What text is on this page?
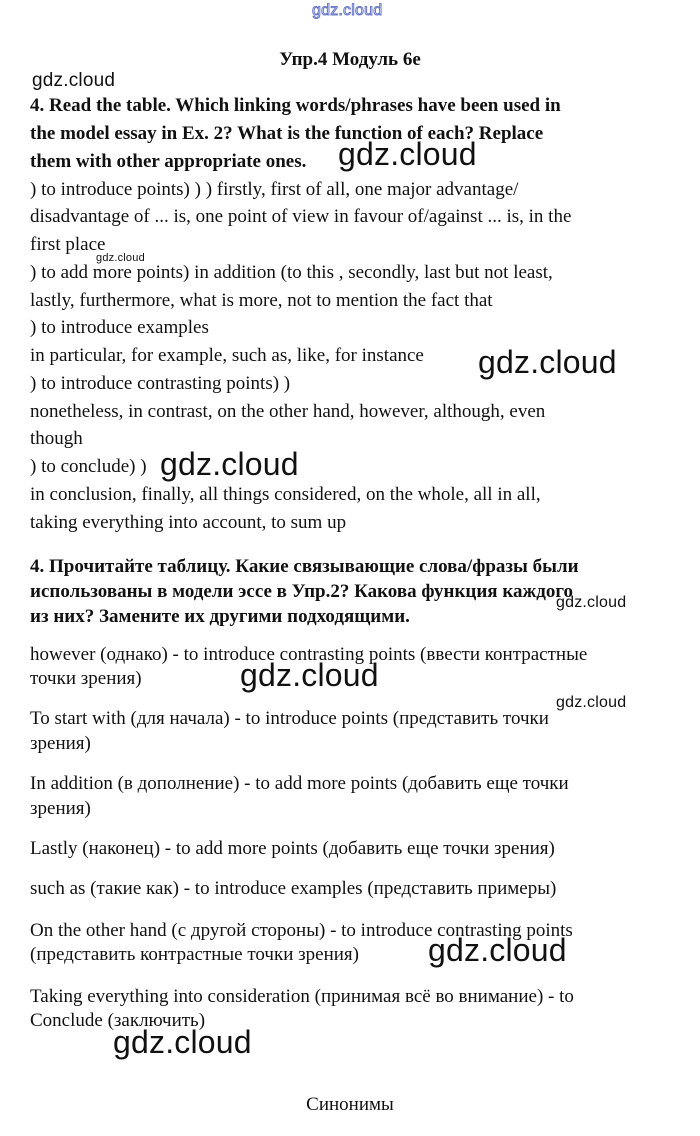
gdz.cloud
Упр.4 Модуль 6е
gdz.cloud
4. Read the table. Which linking words/phrases have been used in
the model essay in Ex. 2? What is the function of each? Replace
them with other appropriate ones. gdz.cloud
) to introduce points) ) ) firstly, first of all, one major advantage/
disadvantage of ... is, one point of view in favour of/against ... is, in the
first place
gdz.cloud
) to add more points) in addition (to this , secondly, last but not least,
lastly, furthermore, what is more, not to mention the fact that
) to introduce examples
in particular, for example, such as, like, for instance gdz.cloud
) to introduce contrasting points) )
nonetheless, in contrast, on the other hand, however, although, even
though
) to conclude) ) gdz.cloud
in conclusion, finally, all things considered, on the whole, all in all,
taking everything into account, to sum up
4. Прочитайте таблицу. Какие связывающие слова/фразы были
использованы в модели эссе в Упр.2? Какова функция каждого
из них? Замените их другими подходящими.
gdz.cloud
however (однако) - to introduce contrasting points (ввести контрастные
точки зрения)	gdz.cloud
gdz.cloud
To start with (для начала) - to introduce points (представить точки
зрения)
In addition (в дополнение) - to add more points (добавить еще точки
зрения)
Lastly (наконец) - to add more points (добавить еще точки зрения)
such as (такие как) - to introduce examples (представить примеры)
On the other hand (с другой стороны) - to introduce contrasting points
(представить контрастные точки зрения) gdz.cloud
Taking everything into consideration (принимая всё во внимание) - to
Conclude (заключить)
gdz.cloud
Синонимы
